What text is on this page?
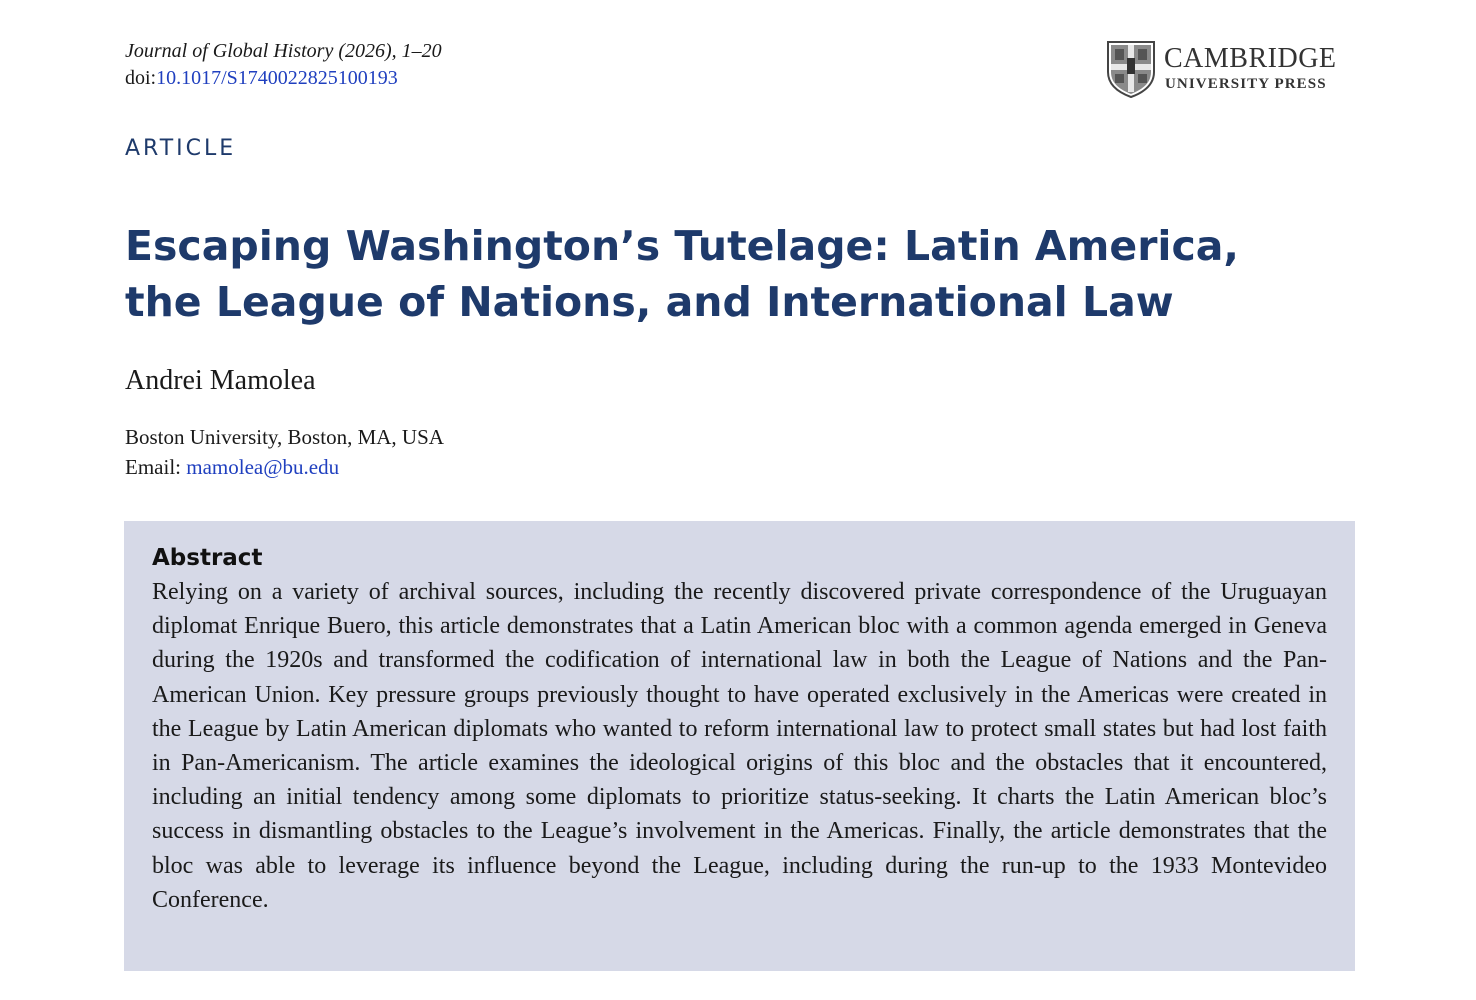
Journal of Global History (2026), 1–20
doi:10.1017/S1740022825100193
CAMBRIDGE
UNIVERSITY PRESS
ARTICLE
Escaping Washington’s Tutelage: Latin America, the League of Nations, and International Law
Andrei Mamolea
Boston University, Boston, MA, USA
Email: mamolea@bu.edu
Abstract

Relying on a variety of archival sources, including the recently discovered private correspondence of the Uruguayan diplomat Enrique Buero, this article demonstrates that a Latin American bloc with a common agenda emerged in Geneva during the 1920s and transformed the codification of international law in both the League of Nations and the Pan-American Union. Key pressure groups previously thought to have operated exclusively in the Americas were created in the League by Latin American diplomats who wanted to reform international law to protect small states but had lost faith in Pan-Americanism. The article examines the ideological origins of this bloc and the obstacles that it encountered, including an initial tendency among some diplomats to prioritize status-seeking. It charts the Latin American bloc’s success in dismantling obstacles to the League’s involvement in the Americas. Finally, the article demonstrates that the bloc was able to leverage its influence beyond the League, including during the run-up to the 1933 Montevideo Conference.
